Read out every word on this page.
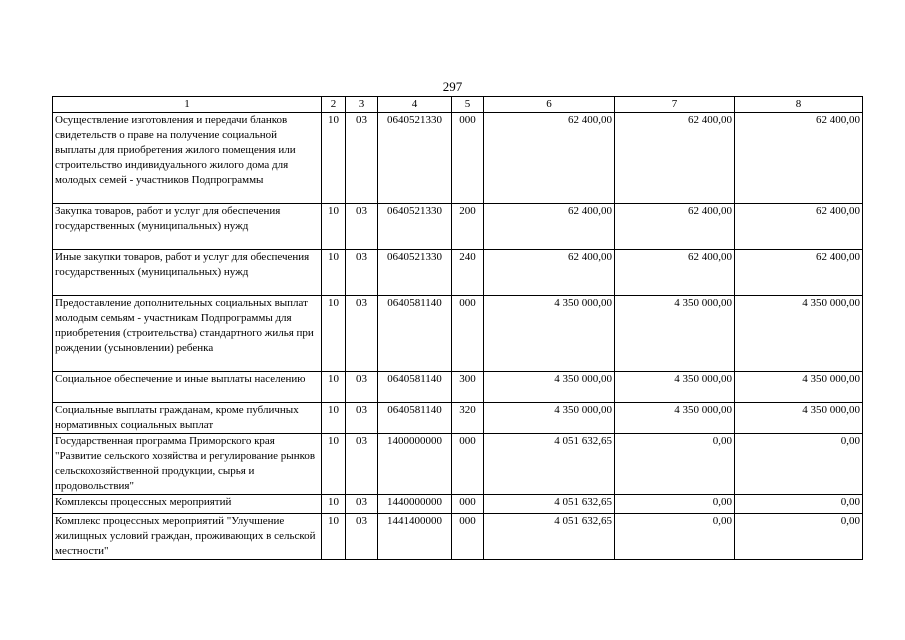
297
1	2	3	4	5	6	7	8
Осуществление изготовления и передачи бланков свидетельств о праве на получение социальной выплаты для приобретения жилого помещения или строительство индивидуального жилого дома для молодых семей - участников Подпрограммы	10	03	0640521330	000	62 400,00	62 400,00	62 400,00
Закупка товаров, работ и услуг для обеспечения государственных (муниципальных) нужд	10	03	0640521330	200	62 400,00	62 400,00	62 400,00
Иные закупки товаров, работ и услуг для обеспечения государственных (муниципальных) нужд	10	03	0640521330	240	62 400,00	62 400,00	62 400,00
Предоставление дополнительных социальных выплат молодым семьям - участникам Подпрограммы для приобретения (строительства) стандартного жилья при рождении (усыновлении) ребенка	10	03	0640581140	000	4 350 000,00	4 350 000,00	4 350 000,00
Социальное обеспечение и иные выплаты населению	10	03	0640581140	300	4 350 000,00	4 350 000,00	4 350 000,00
Социальные выплаты гражданам, кроме публичных нормативных социальных выплат	10	03	0640581140	320	4 350 000,00	4 350 000,00	4 350 000,00
Государственная программа Приморского края "Развитие сельского хозяйства и регулирование рынков сельскохозяйственной продукции, сырья и продовольствия"	10	03	1400000000	000	4 051 632,65	0,00	0,00
Комплексы процессных мероприятий	10	03	1440000000	000	4 051 632,65	0,00	0,00
Комплекс процессных мероприятий "Улучшение жилищных условий граждан, проживающих в сельской местности"	10	03	1441400000	000	4 051 632,65	0,00	0,00
